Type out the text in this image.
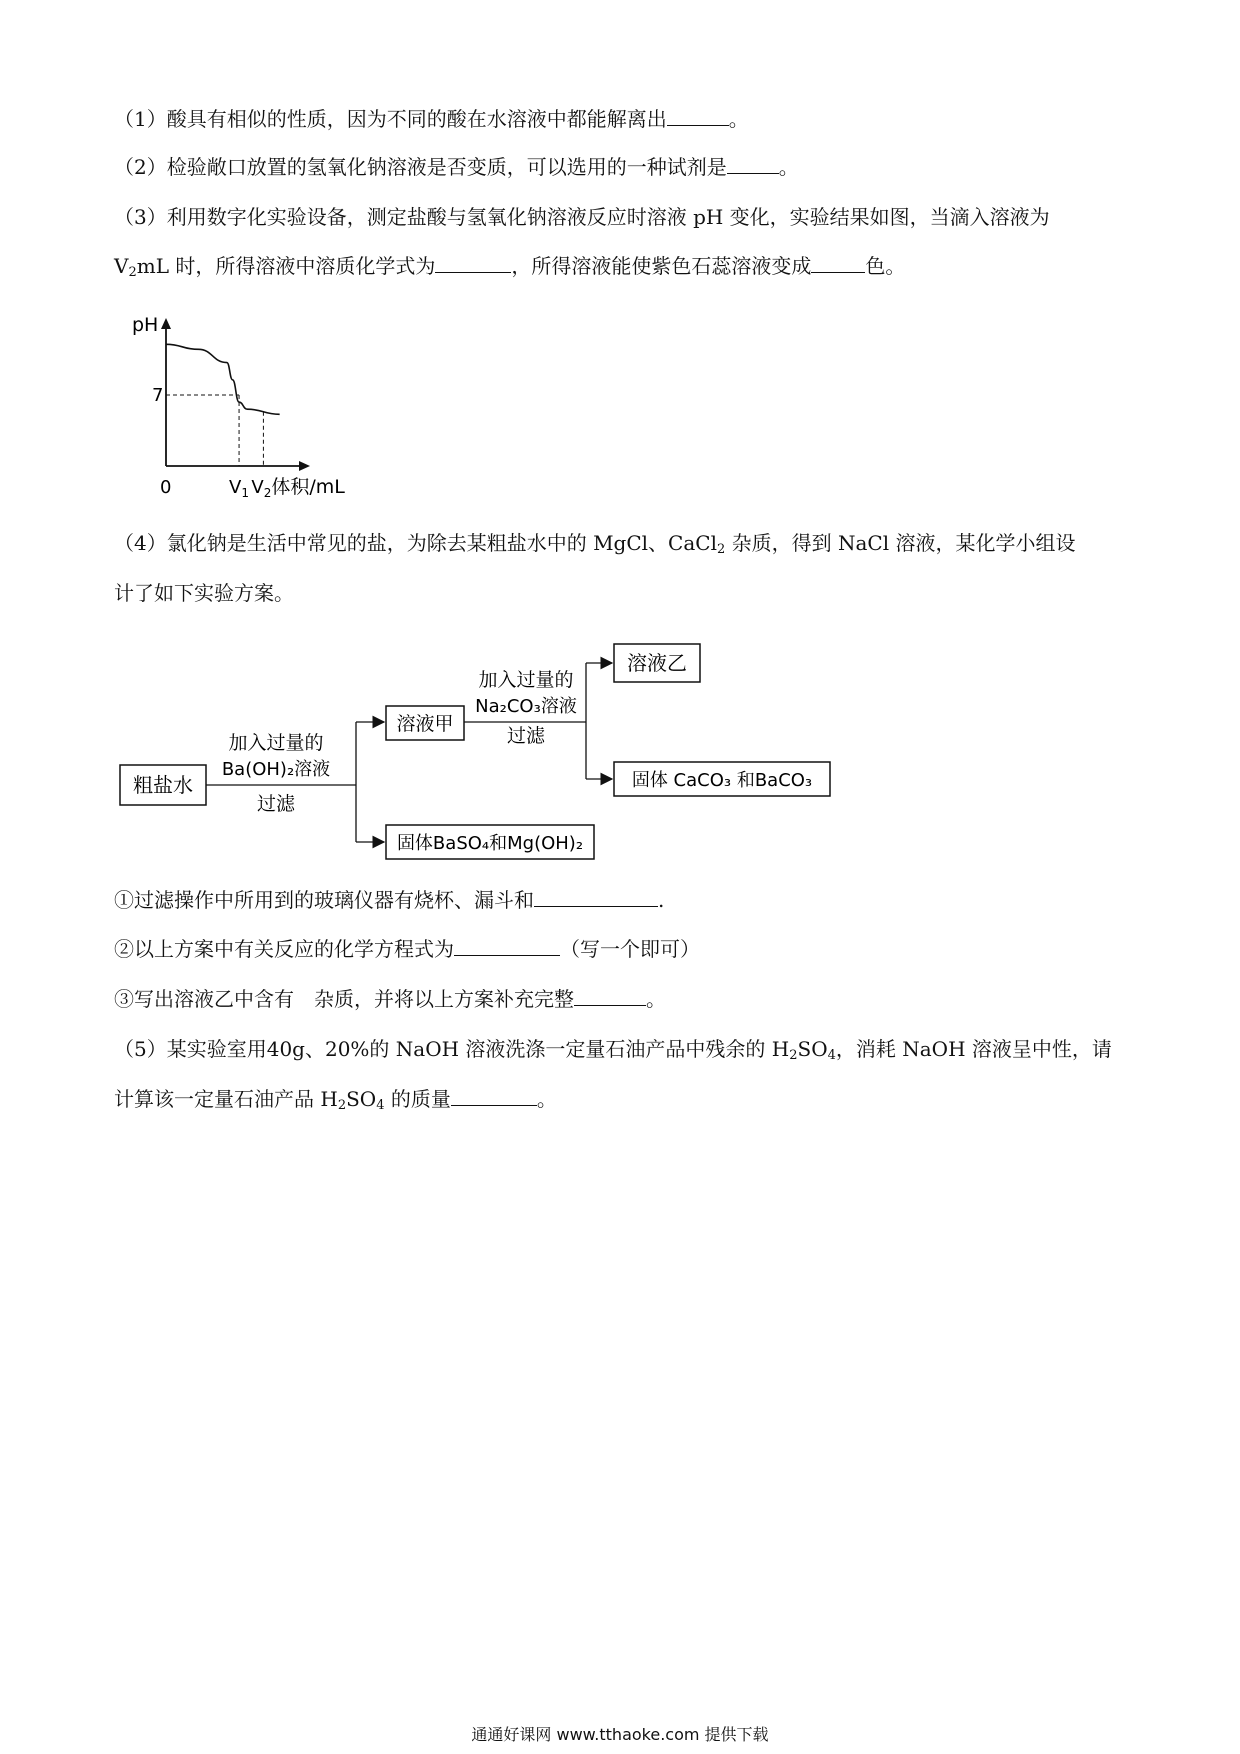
（1）酸具有相似的性质，因为不同的酸在水溶液中都能解离出	。
（2）检验敞口放置的氢氧化钠溶液是否变质，可以选用的一种试剂是	。
（3）利用数字化实验设备，测定盐酸与氢氧化钠溶液反应时溶液 pH 变化，实验结果如图，当滴入溶液为
$V_2mL$ 时，所得溶液中溶质化学式为	，所得溶液能使紫色石蕊溶液变成	色。
pH
0
7
$V_1$ $V_2$体积/mL
（4）氯化钠是生活中常见的盐，为除去某粗盐水中的 MgCl、CaCl$_2$ 杂质，得到 NaCl 溶液，某化学小组设
计了如下实验方案。
粗盐水
加入过量的
Ba(OH)₂溶液
过滤
溶液甲
固体BaSO₄和Mg(OH)₂
加入过量的
Na₂CO₃溶液
过滤
溶液乙
固体 CaCO₃ 和BaCO₃
①过滤操作中所用到的玻璃仪器有烧杯、漏斗和	.
②以上方案中有关反应的化学方程式为	（写一个即可）
③写出溶液乙中含有　杂质，并将以上方案补充完整	。
（5）某实验室用40g、20%的 NaOH 溶液洗涤一定量石油产品中残余的 $H_2SO_4$，消耗 NaOH 溶液呈中性，请
计算该一定量石油产品 $H_2SO_4$ 的质量	。
通通好课网 www.tthaoke.com 提供下载
